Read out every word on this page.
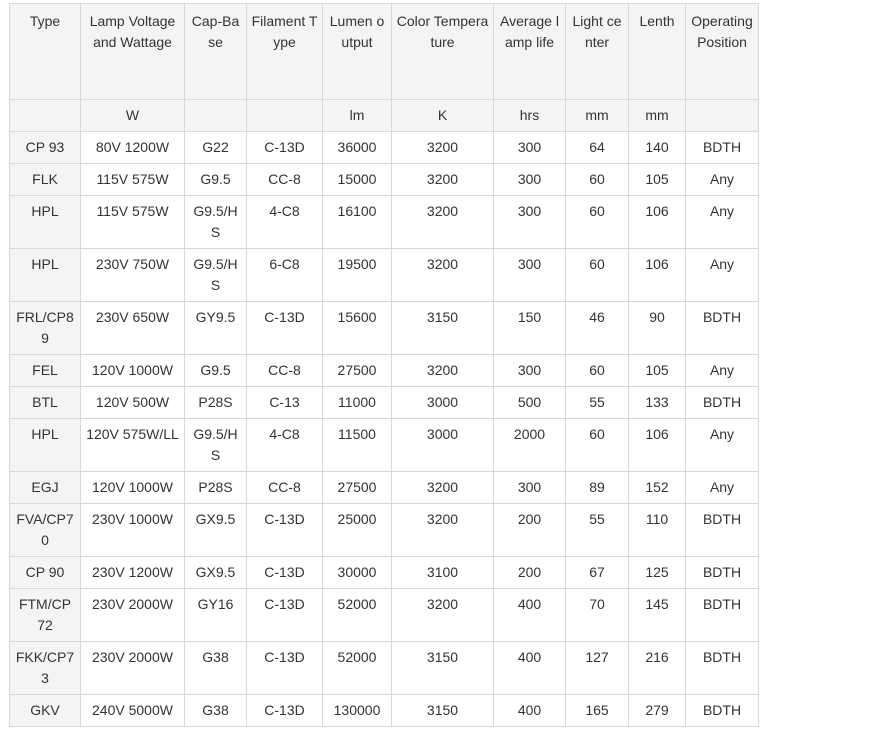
Type	Lamp Voltage and Wattage	Cap-Base	Filament Type	Lumen output	Color Temperature	Average lamp life	Light center	Lenth	Operating Position
	W			lm	K	hrs	mm	mm	
CP 93	80V 1200W	G22	C-13D	36000	3200	300	64	140	BDTH
FLK	115V 575W	G9.5	CC-8	15000	3200	300	60	105	Any
HPL	115V 575W	G9.5/HS	4-C8	16100	3200	300	60	106	Any
HPL	230V 750W	G9.5/HS	6-C8	19500	3200	300	60	106	Any
FRL/CP89	230V 650W	GY9.5	C-13D	15600	3150	150	46	90	BDTH
FEL	120V 1000W	G9.5	CC-8	27500	3200	300	60	105	Any
BTL	120V 500W	P28S	C-13	11000	3000	500	55	133	BDTH
HPL	120V 575W/LL	G9.5/HS	4-C8	11500	3000	2000	60	106	Any
EGJ	120V 1000W	P28S	CC-8	27500	3200	300	89	152	Any
FVA/CP70	230V 1000W	GX9.5	C-13D	25000	3200	200	55	110	BDTH
CP 90	230V 1200W	GX9.5	C-13D	30000	3100	200	67	125	BDTH
FTM/CP 72	230V 2000W	GY16	C-13D	52000	3200	400	70	145	BDTH
FKK/CP73	230V 2000W	G38	C-13D	52000	3150	400	127	216	BDTH
GKV	240V 5000W	G38	C-13D	130000	3150	400	165	279	BDTH
